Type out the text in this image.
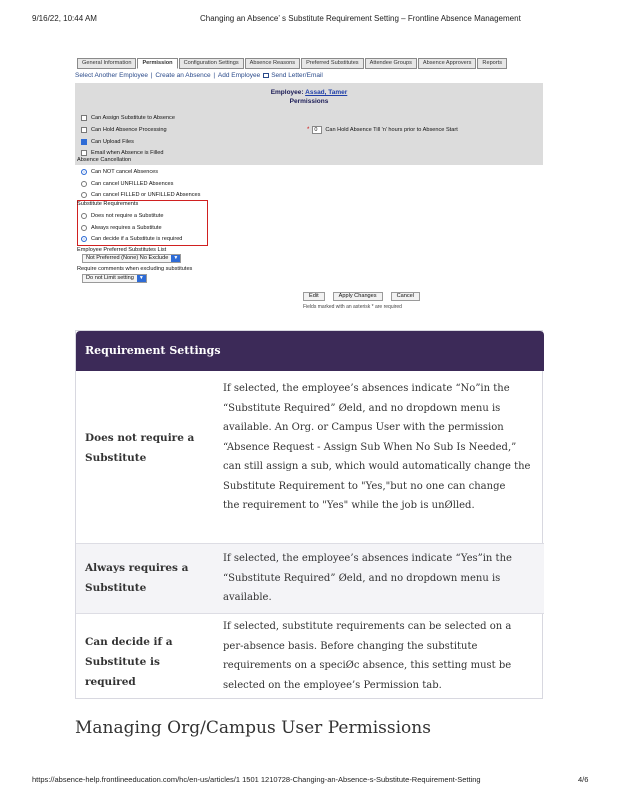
9/16/22, 10:44 AM	Changing an Absence’ s Substitute Requirement Setting – Frontline Absence Management
General Information	Permission	Configuration Settings	Absence Reasons	Preferred Substitutes	Attendee Groups	Absence Approvers	Reports
Select Another Employee | Create an Absence | Add Employee Send Letter/Email
Employee: Assad, Tamer
Permissions
Can Assign Substitute to Absence
Can Hold Absence Processing
Can Upload Files
Email when Absence is Filled
* 0	Can Hold Absence Till 'n' hours prior to Absence Start
Absence Cancellation
Can NOT cancel Absences
Can cancel UNFILLED Absences
Can cancel FILLED or UNFILLED Absences
Substitute Requirements
Does not require a Substitute
Always requires a Substitute
Can decide if a Substitute is required
Employee Preferred Substitutes List
Not Preferred (None) No Exclude	▼
Require comments when excluding substitutes
Do not Limit setting	▼
Edit	Apply Changes	Cancel
Fields marked with an asterisk * are required
Requirement Settings
Does not require a Substitute
If selected, the employee’s absences indicate “No”in the
“Substitute Required” Øeld, and no dropdown menu is
available. An Org. or Campus User with the permission
“Absence Request - Assign Sub When No Sub Is Needed,”
can still assign a sub, which would automatically change the
Substitute Requirement to "Yes,"but no one can change
the requirement to "Yes" while the job is unØlled.
Always requires a Substitute
If selected, the employee’s absences indicate “Yes”in the
“Substitute Required” Øeld, and no dropdown menu is
available.
Can decide if a Substitute is required
If selected, substitute requirements can be selected on a
per-absence basis. Before changing the substitute
requirements on a speciØc absence, this setting must be
selected on the employee’s Permission tab.
Managing Org/Campus User Permissions
https://absence-help.frontlineeducation.com/hc/en-us/articles/1 1501 1210728-Changing-an-Absence-s-Substitute-Requirement-Setting	4/6
